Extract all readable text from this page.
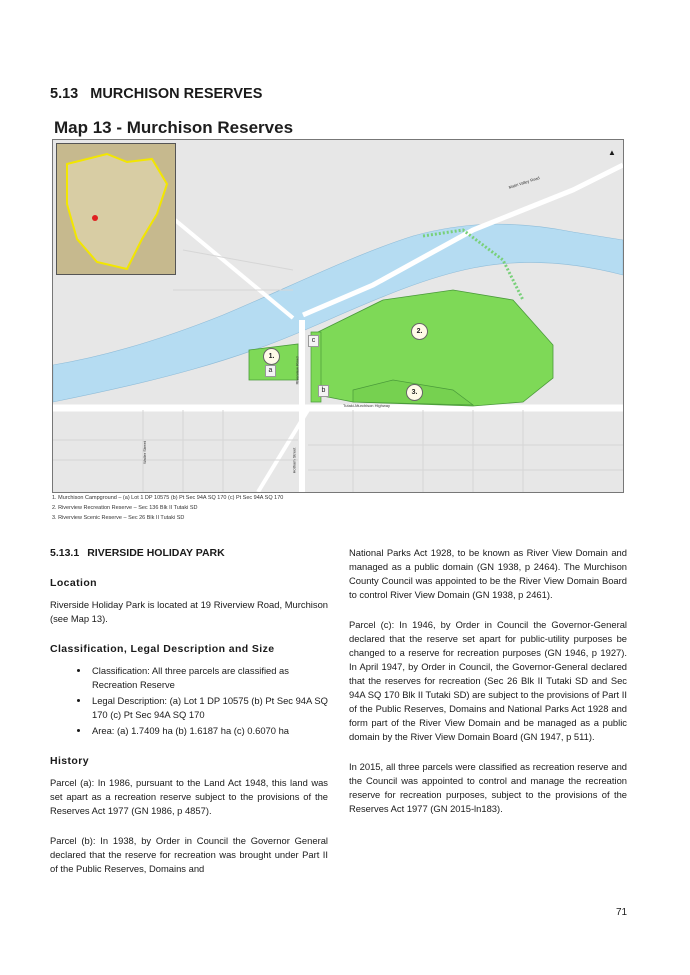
5.13 MURCHISON RESERVES
Map 13 - Murchison Reserves
Matiri Valley Road
Riverview Road
Tutaki-Murchison Highway
Hotham Street
Waller Street
1.
2.
3.
a
b
c
▲
1. Murchison Campground – (a) Lot 1 DP 10575 (b) Pt Sec 94A SQ 170 (c) Pt Sec 94A SQ 170
2. Riverview Recreation Reserve – Sec 136 Blk II Tutaki SD
3. Riverview Scenic Reserve – Sec 26 Blk II Tutaki SD
5.13.1 RIVERSIDE HOLIDAY PARK
Location

Riverside Holiday Park is located at 19 Riverview Road, Murchison (see Map 13).

Classification, Legal Description and Size
• Classification: All three parcels are classified as Recreation Reserve
• Legal Description: (a) Lot 1 DP 10575 (b) Pt Sec 94A SQ 170 (c) Pt Sec 94A SQ 170
• Area: (a) 1.7409 ha (b) 1.6187 ha (c) 0.6070 ha
History

Parcel (a): In 1986, pursuant to the Land Act 1948, this land was set apart as a recreation reserve subject to the provisions of the Reserves Act 1977 (GN 1986, p 4857).

Parcel (b): In 1938, by Order in Council the Governor General declared that the reserve for recreation was brought under Part II of the Public Reserves, Domains and

National Parks Act 1928, to be known as River View Domain and managed as a public domain (GN 1938, p 2464). The Murchison County Council was appointed to be the River View Domain Board to control River View Domain (GN 1938, p 2461).

Parcel (c): In 1946, by Order in Council the Governor-General declared that the reserve set apart for public-utility purposes be changed to a reserve for recreation purposes (GN 1946, p 1927). In April 1947, by Order in Council, the Governor-General declared that the reserves for recreation (Sec 26 Blk II Tutaki SD and Sec 94A SQ 170 Blk II Tutaki SD) are subject to the provisions of Part II of the Public Reserves, Domains and National Parks Act 1928 and form part of the River View Domain and be managed as a public domain by the River View Domain Board (GN 1947, p 511).

In 2015, all three parcels were classified as recreation reserve and the Council was appointed to control and manage the recreation reserve for recreation purposes, subject to the provisions of the Reserves Act 1977 (GN 2015-ln183).

71
